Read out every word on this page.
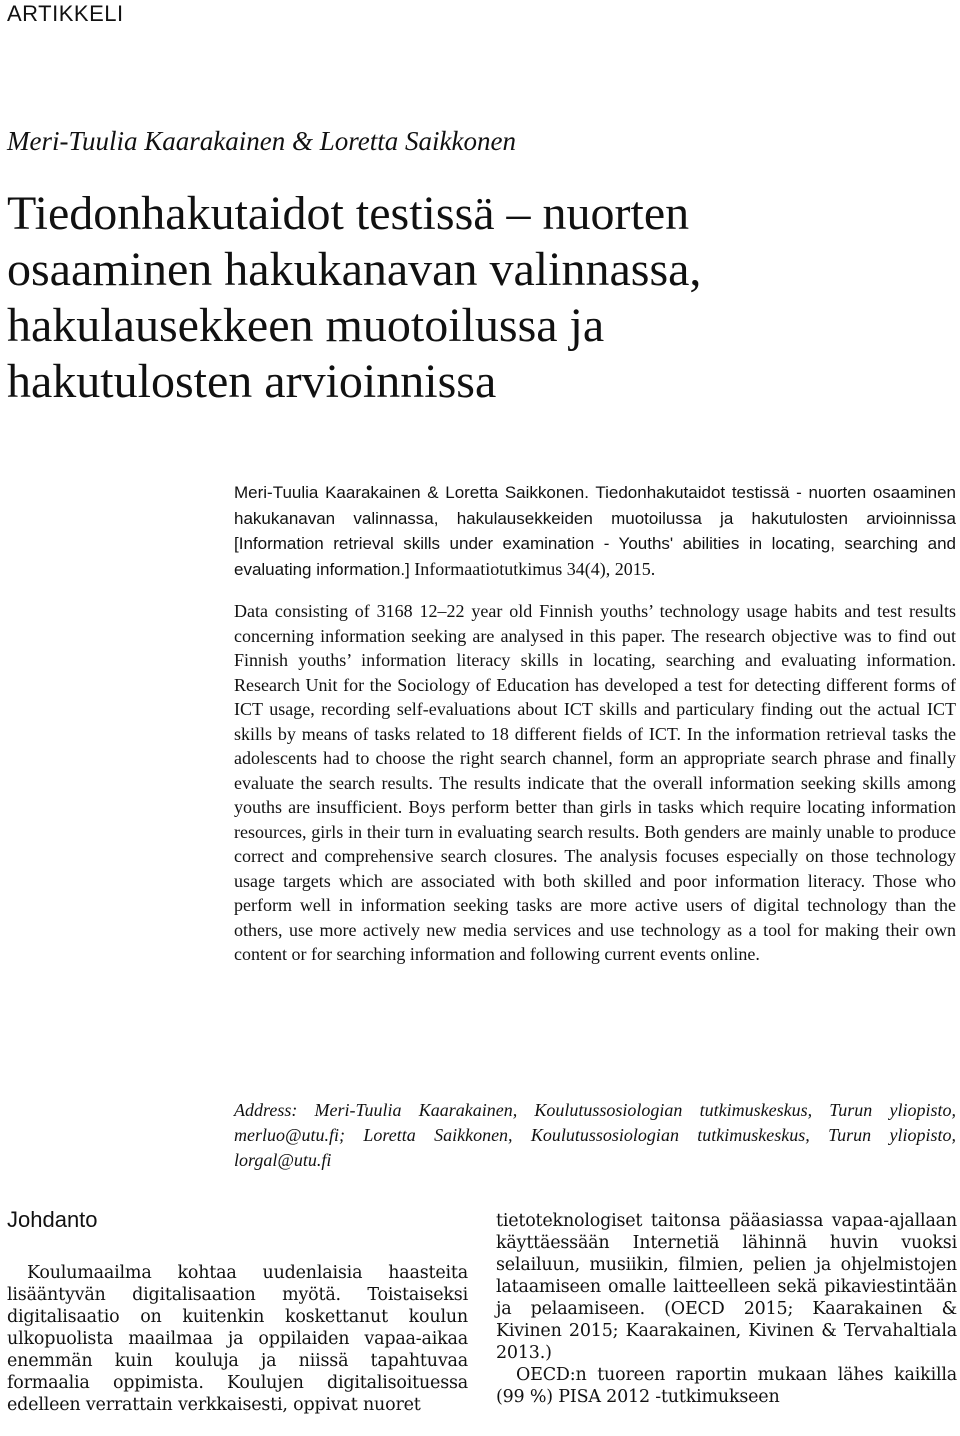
ARTIKKELI
Meri-Tuulia Kaarakainen & Loretta Saikkonen
Tiedonhakutaidot testissä – nuorten
osaaminen hakukanavan valinnassa,
hakulausekkeen muotoilussa ja
hakutulosten arvioinnissa

Meri-Tuulia Kaarakainen & Loretta Saikkonen. Tiedonhakutaidot testissä - nuorten osaaminen hakukanavan valinnassa, hakulausekkeiden muotoilussa ja hakutulosten arvioinnissa [Information retrieval skills under examination - Youths' abilities in locating, searching and evaluating information.] Informaatiotutkimus 34(4), 2015.

Data consisting of 3168 12–22 year old Finnish youths’ technology usage habits and test results concerning information seeking are analysed in this paper. The research objective was to find out Finnish youths’ information literacy skills in locating, searching and evaluating information. Research Unit for the Sociology of Education has developed a test for detecting different forms of ICT usage, recording self-evaluations about ICT skills and particulary finding out the actual ICT skills by means of tasks related to 18 different fields of ICT. In the information retrieval tasks the adolescents had to choose the right search channel, form an appropriate search phrase and finally evaluate the search results. The results indicate that the overall information seeking skills among youths are insufficient. Boys perform better than girls in tasks which require locating information resources, girls in their turn in evaluating search results. Both genders are mainly unable to produce correct and comprehensive search closures. The analysis focuses especially on those technology usage targets which are associated with both skilled and poor information literacy. Those who perform well in information seeking tasks are more active users of digital technology than the others, use more actively new media services and use technology as a tool for making their own content or for searching information and following current events online.

Address: Meri-Tuulia Kaarakainen, Koulutussosiologian tutkimuskeskus, Turun yliopisto, merluo@utu.fi; Loretta Saikkonen, Koulutussosiologian tutkimuskeskus, Turun yliopisto, lorgal@utu.fi
Johdanto

Koulumaailma kohtaa uudenlaisia haasteita lisääntyvän digitalisaation myötä. Toistaiseksi digitalisaatio on kuitenkin koskettanut koulun ulkopuolista maailmaa ja oppilaiden vapaa-aikaa enemmän kuin kouluja ja niissä tapahtuvaa formaalia oppimista. Koulujen digitalisoituessa edelleen verrattain verkkaisesti, oppivat nuoret

tietoteknologiset taitonsa pääasiassa vapaa-ajallaan käyttäessään Internetiä lähinnä huvin vuoksi selailuun, musiikin, filmien, pelien ja ohjelmistojen lataamiseen omalle laitteelleen sekä pikaviestintään ja pelaamiseen. (OECD 2015; Kaarakainen & Kivinen 2015; Kaarakainen, Kivinen & Tervahaltiala 2013.)

OECD:n tuoreen raportin mukaan lähes kaikilla (99 %) PISA 2012 -tutkimukseen
